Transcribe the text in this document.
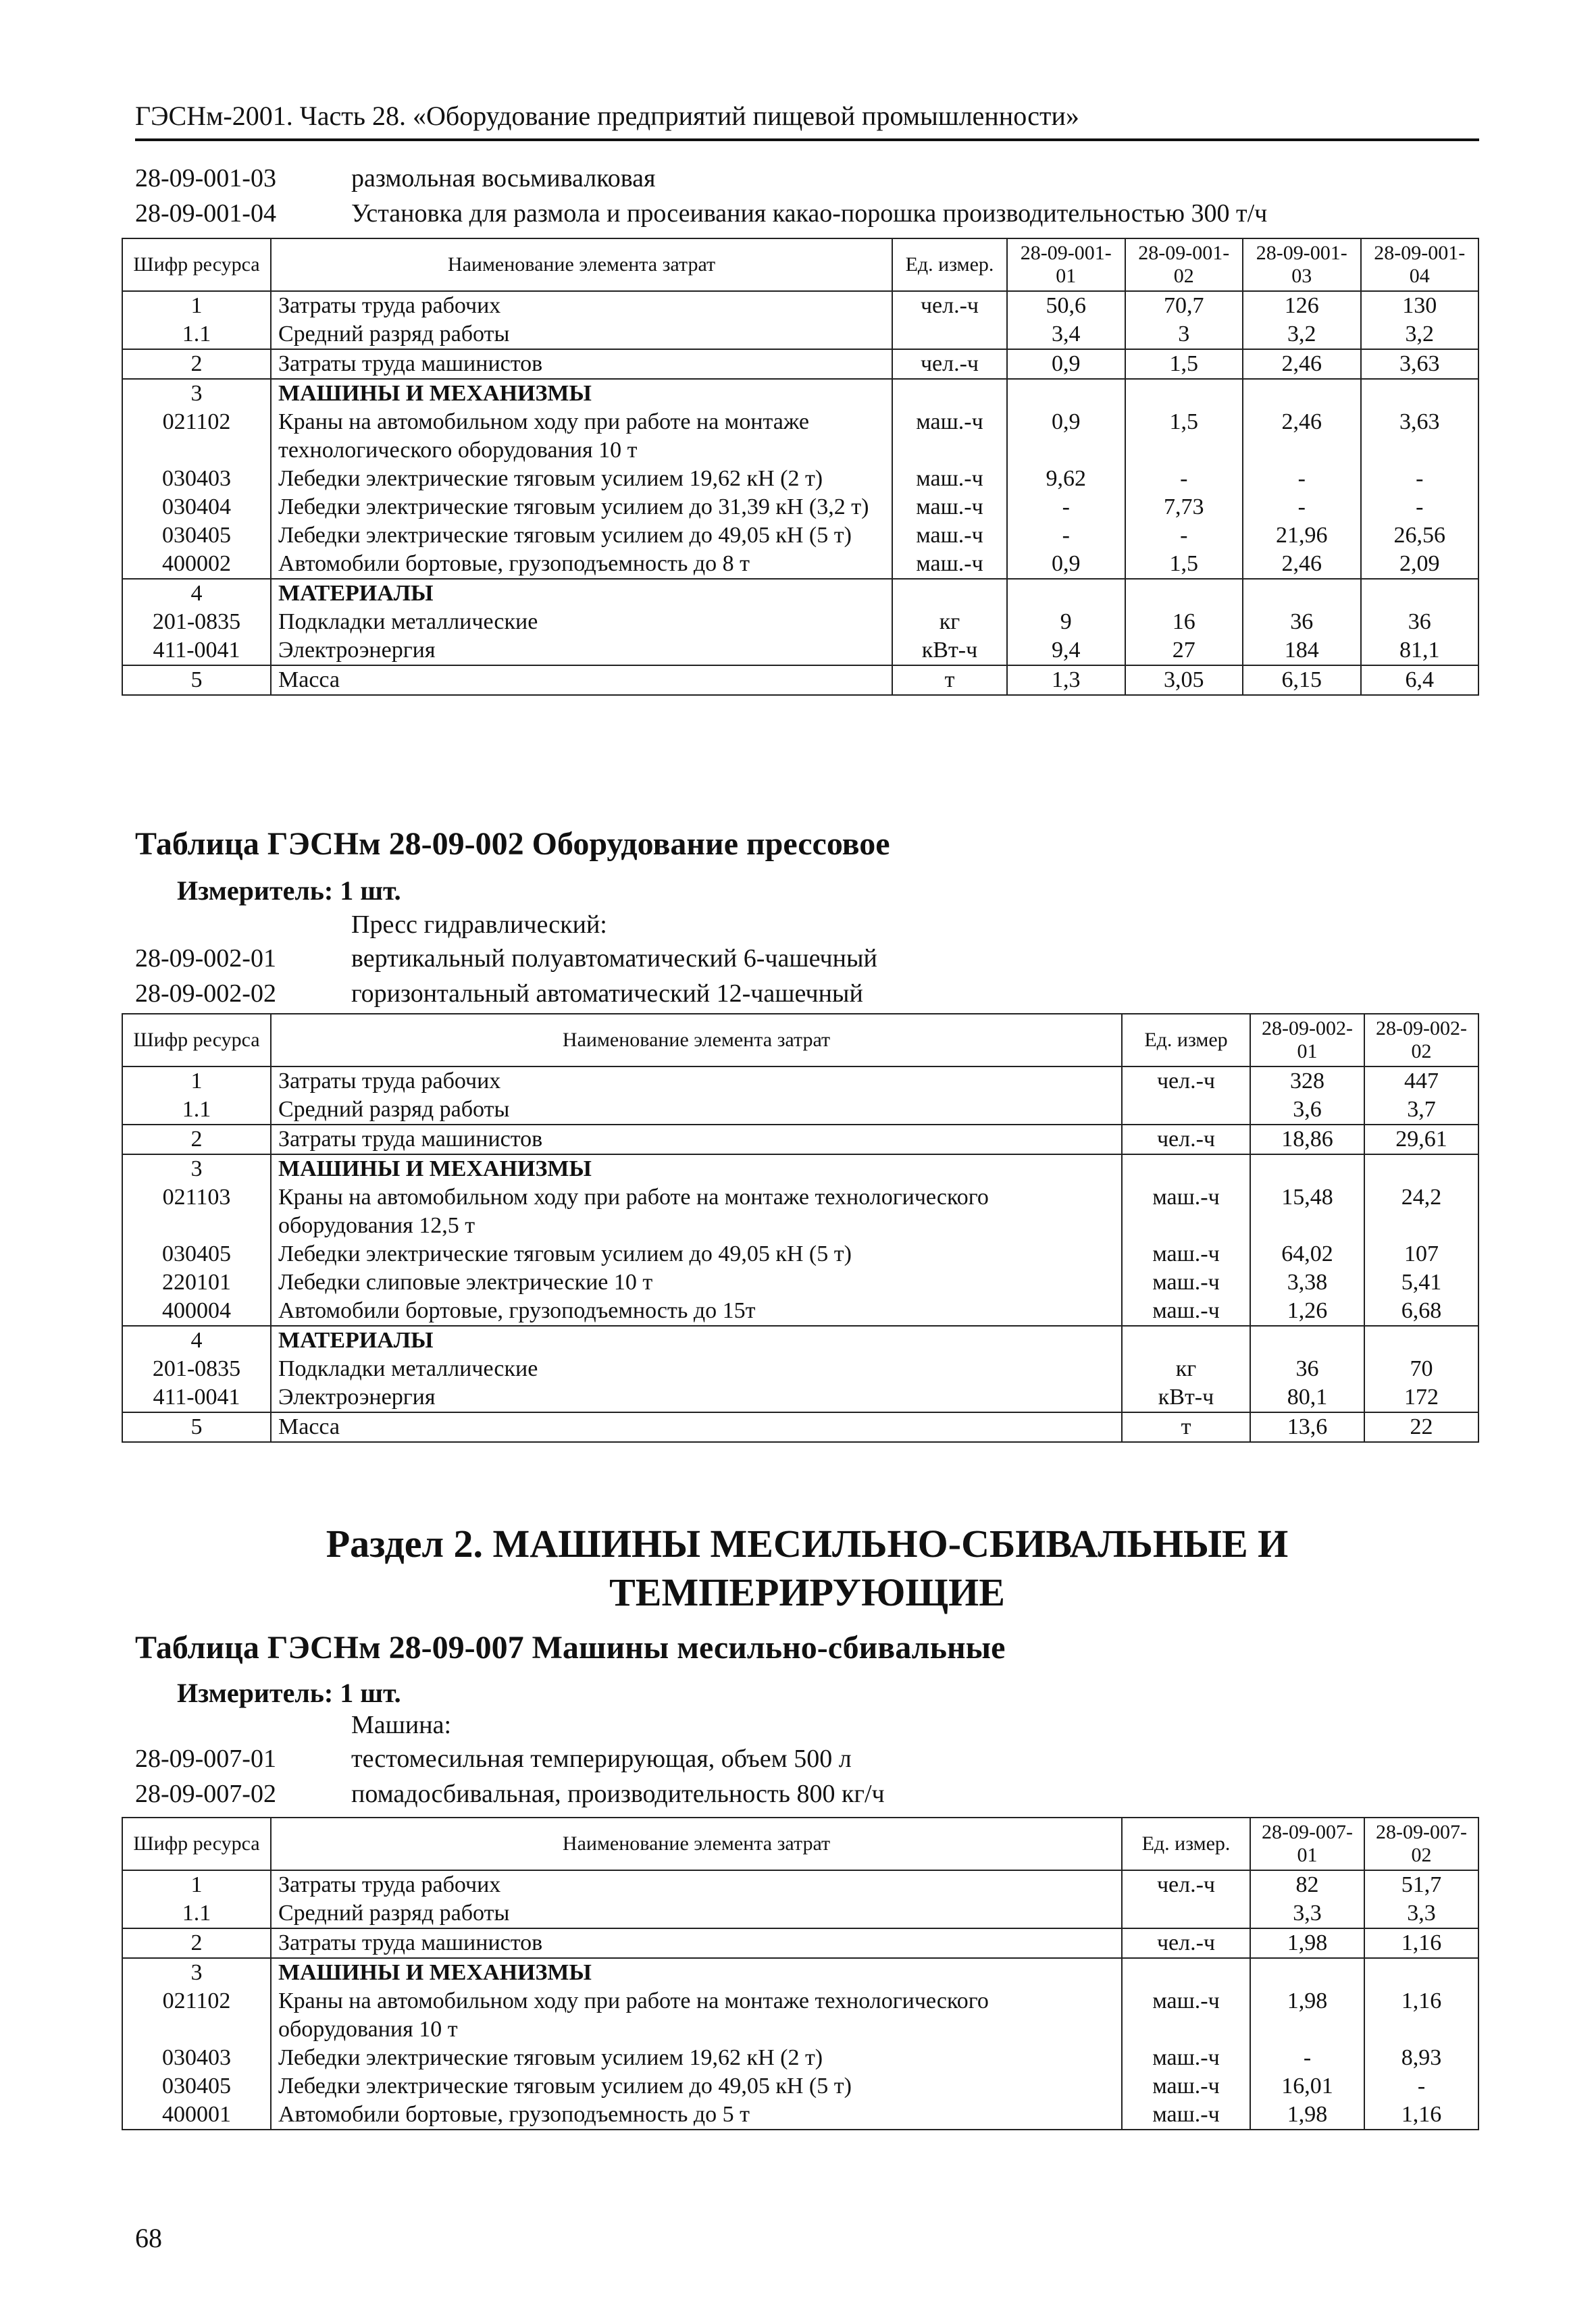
ГЭСНм-2001. Часть 28. «Оборудование предприятий пищевой промышленности»
28-09-001-03	размольная восьмивалковая
28-09-001-04	Установка для размола и просеивания какао-порошка производительностью 300 т/ч
Шифр ресурса	Наименование элемента затрат	Ед. измер.	28-09-001-01	28-09-001-02	28-09-001-03	28-09-001-04
1	Затраты труда рабочих	чел.-ч	50,6	70,7	126	130
1.1	Средний разряд работы		3,4	3	3,2	3,2
2	Затраты труда машинистов	чел.-ч	0,9	1,5	2,46	3,63
3	МАШИНЫ И МЕХАНИЗМЫ					
021102	Краны на автомобильном ходу при работе на монтаже технологического оборудования 10 т	маш.-ч	0,9	1,5	2,46	3,63
030403	Лебедки электрические тяговым усилием 19,62 кН (2 т)	маш.-ч	9,62	-	-	-
030404	Лебедки электрические тяговым усилием до 31,39 кН (3,2 т)	маш.-ч	-	7,73	-	-
030405	Лебедки электрические тяговым усилием до 49,05 кН (5 т)	маш.-ч	-	-	21,96	26,56
400002	Автомобили бортовые, грузоподъемность до 8 т	маш.-ч	0,9	1,5	2,46	2,09
4	МАТЕРИАЛЫ					
201-0835	Подкладки металлические	кг	9	16	36	36
411-0041	Электроэнергия	кВт-ч	9,4	27	184	81,1
5	Масса	т	1,3	3,05	6,15	6,4
Таблица ГЭСНм 28-09-002 Оборудование прессовое
Измеритель: 1 шт.
Пресс гидравлический:
28-09-002-01	вертикальный полуавтоматический 6-чашечный
28-09-002-02	горизонтальный автоматический 12-чашечный
Шифр ресурса	Наименование элемента затрат	Ед. измер	28-09-002-01	28-09-002-02
1	Затраты труда рабочих	чел.-ч	328	447
1.1	Средний разряд работы		3,6	3,7
2	Затраты труда машинистов	чел.-ч	18,86	29,61
3	МАШИНЫ И МЕХАНИЗМЫ			
021103	Краны на автомобильном ходу при работе на монтаже технологического оборудования 12,5 т	маш.-ч	15,48	24,2
030405	Лебедки электрические тяговым усилием до 49,05 кН (5 т)	маш.-ч	64,02	107
220101	Лебедки слиповые электрические 10 т	маш.-ч	3,38	5,41
400004	Автомобили бортовые, грузоподъемность до 15т	маш.-ч	1,26	6,68
4	МАТЕРИАЛЫ			
201-0835	Подкладки металлические	кг	36	70
411-0041	Электроэнергия	кВт-ч	80,1	172
5	Масса	т	13,6	22
Раздел 2. МАШИНЫ МЕСИЛЬНО-СБИВАЛЬНЫЕ И ТЕМПЕРИРУЮЩИЕ
Таблица ГЭСНм 28-09-007 Машины месильно-сбивальные
Измеритель: 1 шт.
Машина:
28-09-007-01	тестомесильная темперирующая, объем 500 л
28-09-007-02	помадосбивальная, производительность 800 кг/ч
Шифр ресурса	Наименование элемента затрат	Ед. измер.	28-09-007-01	28-09-007-02
1	Затраты труда рабочих	чел.-ч	82	51,7
1.1	Средний разряд работы		3,3	3,3
2	Затраты труда машинистов	чел.-ч	1,98	1,16
3	МАШИНЫ И МЕХАНИЗМЫ			
021102	Краны на автомобильном ходу при работе на монтаже технологического оборудования 10 т	маш.-ч	1,98	1,16
030403	Лебедки электрические тяговым усилием 19,62 кН (2 т)	маш.-ч	-	8,93
030405	Лебедки электрические тяговым усилием до 49,05 кН (5 т)	маш.-ч	16,01	-
400001	Автомобили бортовые, грузоподъемность до 5 т	маш.-ч	1,98	1,16
68
